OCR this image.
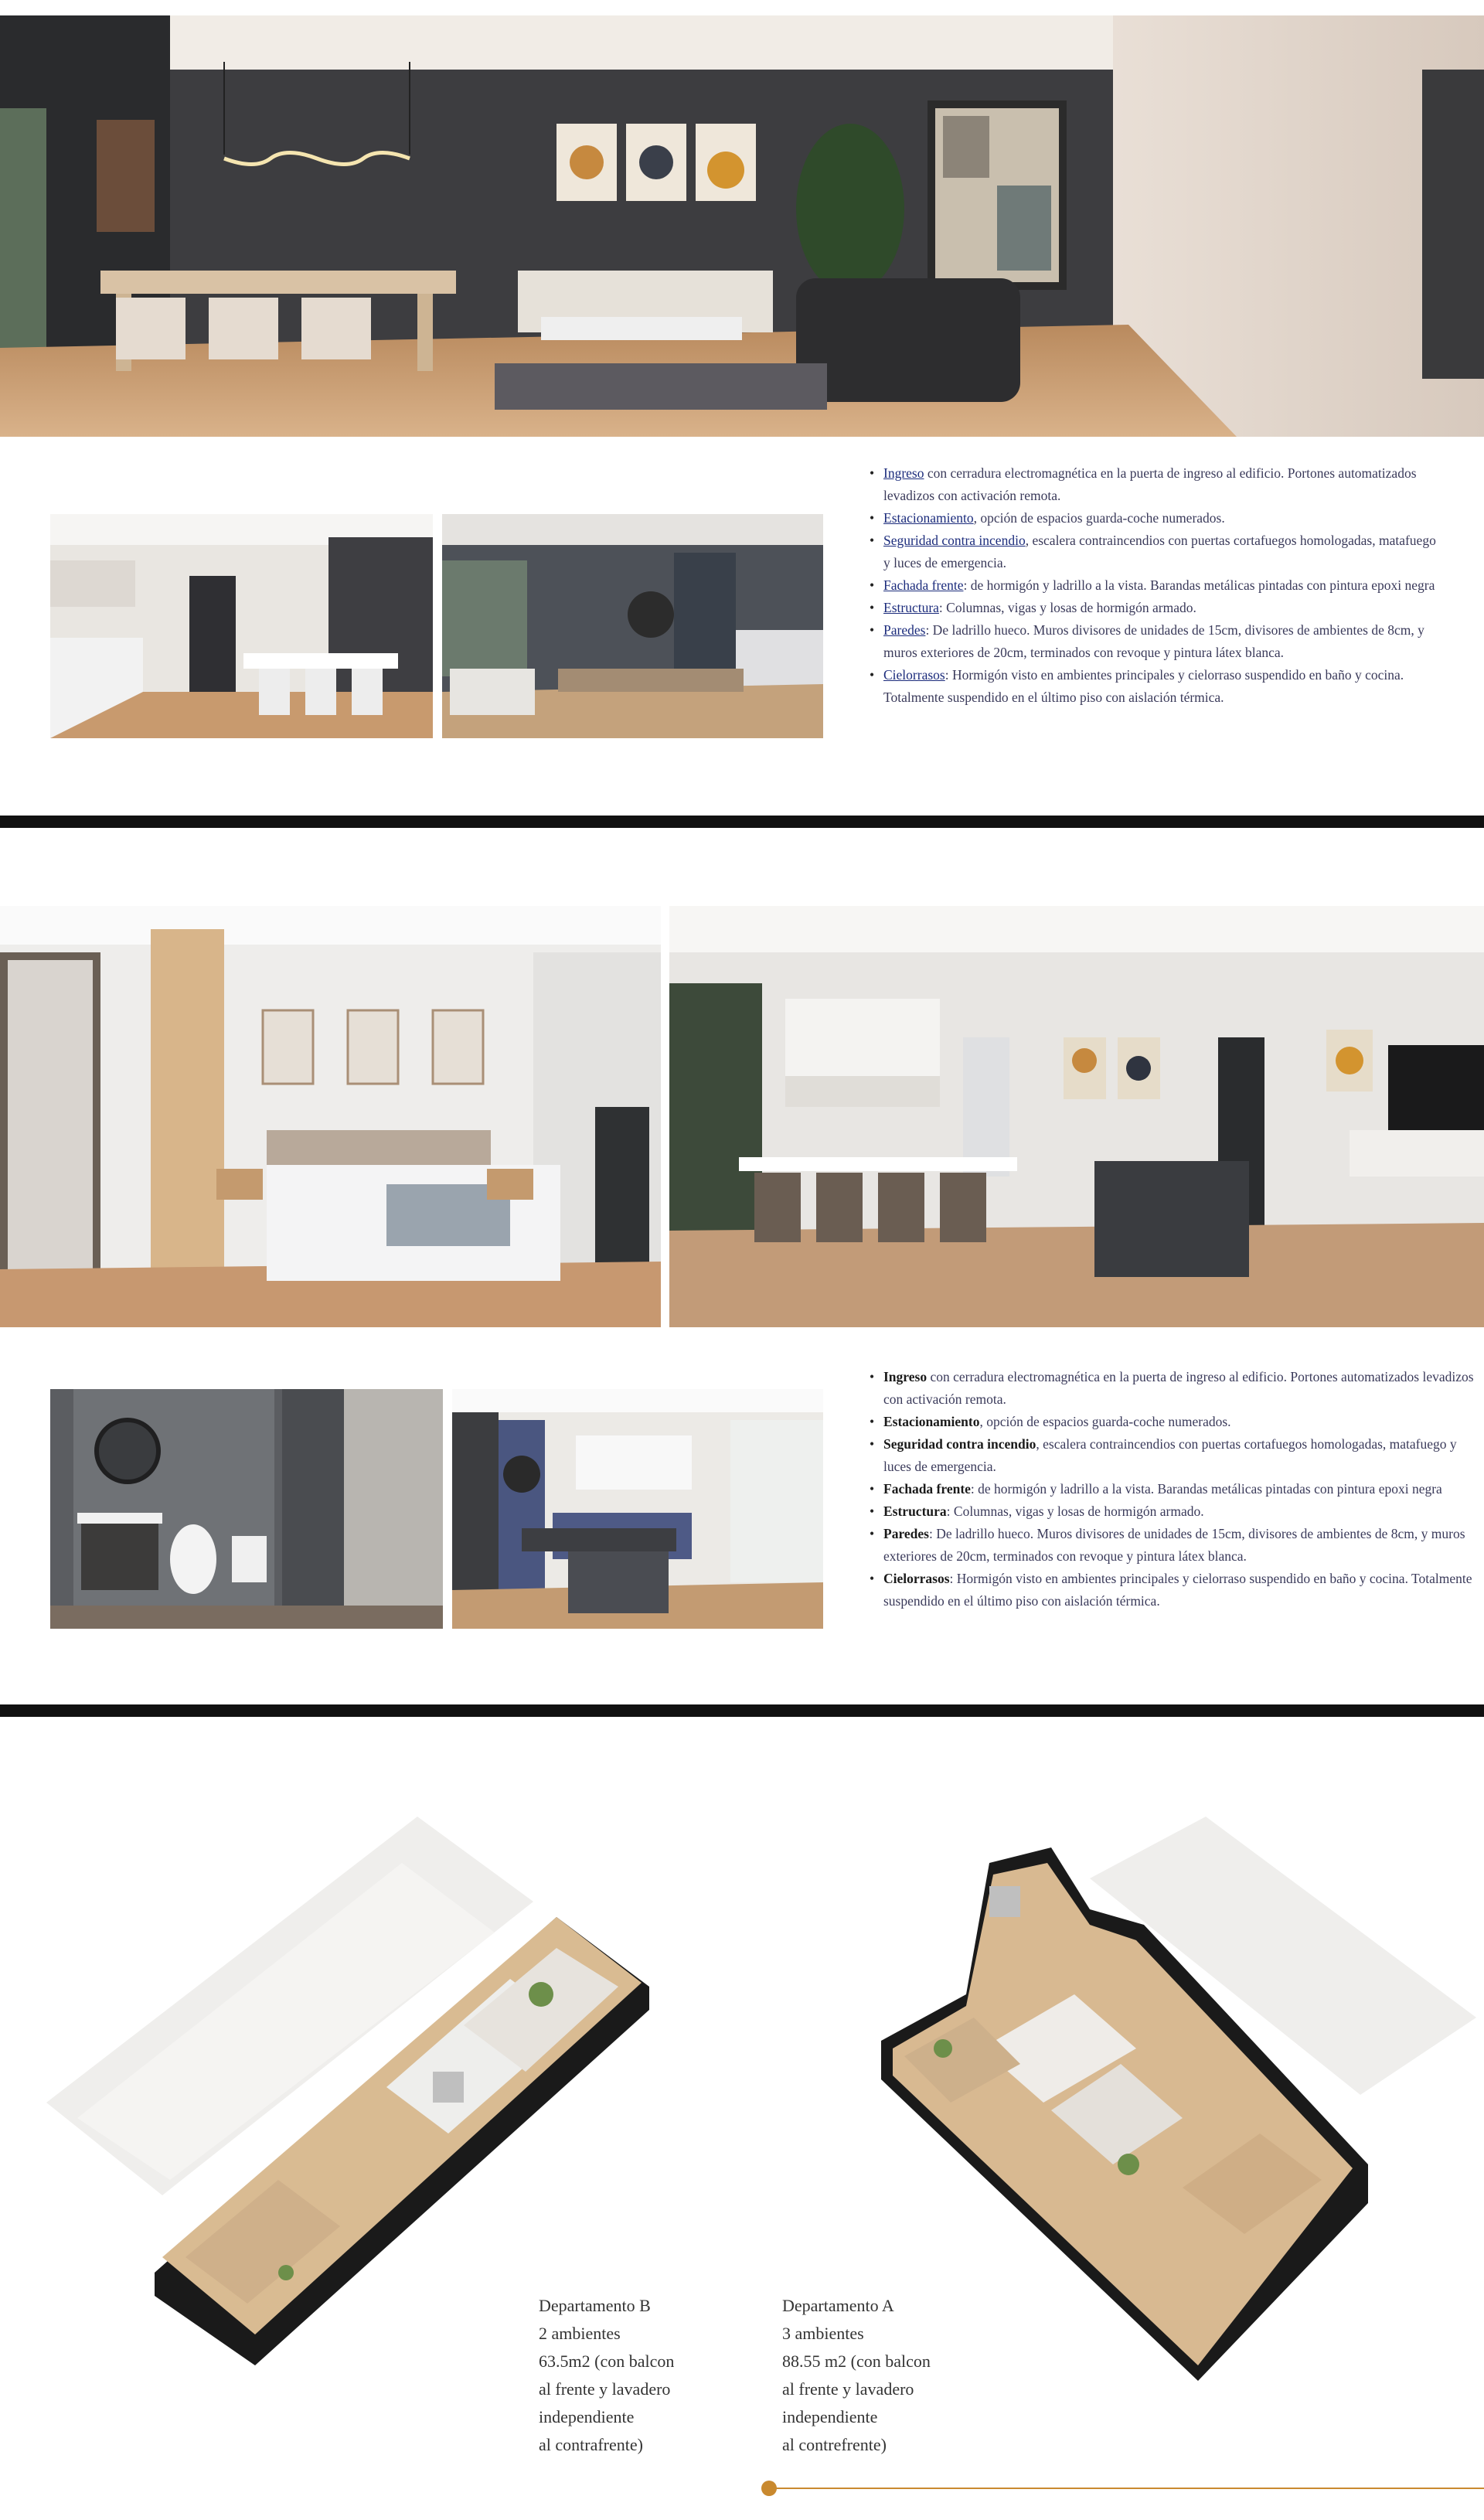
• Ingreso con cerradura electromagnética en la puerta de ingreso al edificio. Portones automatizados levadizos con activación remota.
• Estacionamiento, opción de espacios guarda-coche numerados.
• Seguridad contra incendio, escalera contraincendios con puertas cortafuegos homologadas, matafuego y luces de emergencia.
• Fachada frente: de hormigón y ladrillo a la vista. Barandas metálicas pintadas con pintura epoxi negra
• Estructura: Columnas, vigas y losas de hormigón armado.
• Paredes: De ladrillo hueco. Muros divisores de unidades de 15cm, divisores de ambientes de 8cm, y muros exteriores de 20cm, terminados con revoque y pintura látex blanca.
• Cielorrasos: Hormigón visto en ambientes principales y cielorraso suspendido en baño y cocina. Totalmente suspendido en el último piso con aislación térmica.
• Ingreso con cerradura electromagnética en la puerta de ingreso al edificio. Portones automatizados levadizos con activación remota.
• Estacionamiento, opción de espacios guarda-coche numerados.
• Seguridad contra incendio, escalera contraincendios con puertas cortafuegos homologadas, matafuego y luces de emergencia.
• Fachada frente: de hormigón y ladrillo a la vista. Barandas metálicas pintadas con pintura epoxi negra
• Estructura: Columnas, vigas y losas de hormigón armado.
• Paredes: De ladrillo hueco. Muros divisores de unidades de 15cm, divisores de ambientes de 8cm, y muros exteriores de 20cm, terminados con revoque y pintura látex blanca.
• Cielorrasos: Hormigón visto en ambientes principales y cielorraso suspendido en baño y cocina. Totalmente suspendido en el último piso con aislación térmica.
Departamento B
2 ambientes
63.5m2 (con balcon
al frente y lavadero
independiente
al contrafrente)
Departamento A
3 ambientes
88.55 m2 (con balcon
al frente y lavadero
independiente
al contrefrente)
